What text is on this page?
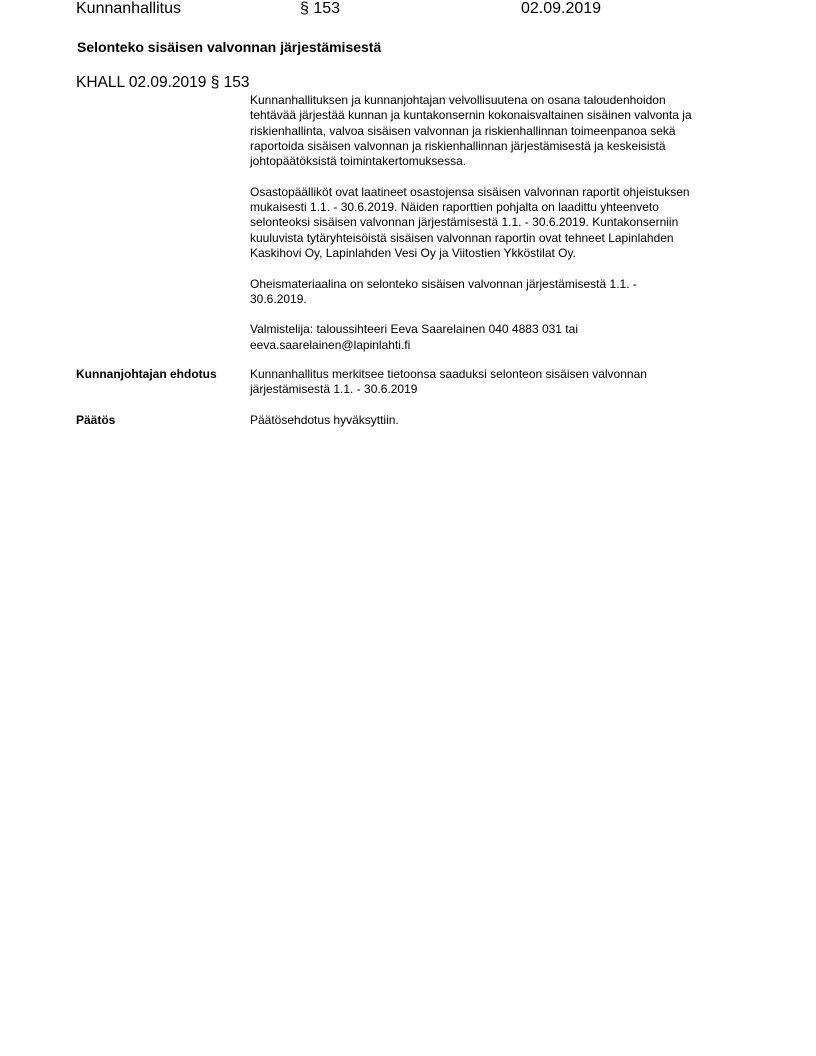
Kunnanhallitus	§ 153	02.09.2019
Selonteko sisäisen valvonnan järjestämisestä
KHALL 02.09.2019 § 153

Kunnanhallituksen ja kunnanjohtajan velvollisuutena on osana taloudenhoidon
tehtävää järjestää kunnan ja kuntakonsernin kokonaisvaltainen sisäinen valvonta ja
riskienhallinta, valvoa sisäisen valvonnan ja riskienhallinnan toimeenpanoa sekä
raportoida sisäisen valvonnan ja riskienhallinnan järjestämisestä ja keskeisistä
johtopäätöksistä toimintakertomuksessa.

Osastopäälliköt ovat laatineet osastojensa sisäisen valvonnan raportit ohjeistuksen
mukaisesti 1.1. - 30.6.2019. Näiden raporttien pohjalta on laadittu yhteenveto
selonteoksi sisäisen valvonnan järjestämisestä 1.1. - 30.6.2019. Kuntakonserniin
kuuluvista tytäryhteisöistä sisäisen valvonnan raportin ovat tehneet Lapinlahden
Kaskihovi Oy, Lapinlahden Vesi Oy ja Viitostien Ykköstilat Oy.

Oheismateriaalina on selonteko sisäisen valvonnan järjestämisestä 1.1. -
30.6.2019.

Valmistelija: taloussihteeri Eeva Saarelainen 040 4883 031 tai
eeva.saarelainen@lapinlahti.fi

Kunnanjohtajan ehdotus	Kunnanhallitus merkitsee tietoonsa saaduksi selonteon sisäisen valvonnan
järjestämisestä 1.1. - 30.6.2019
Päätös	Päätösehdotus hyväksyttiin.
